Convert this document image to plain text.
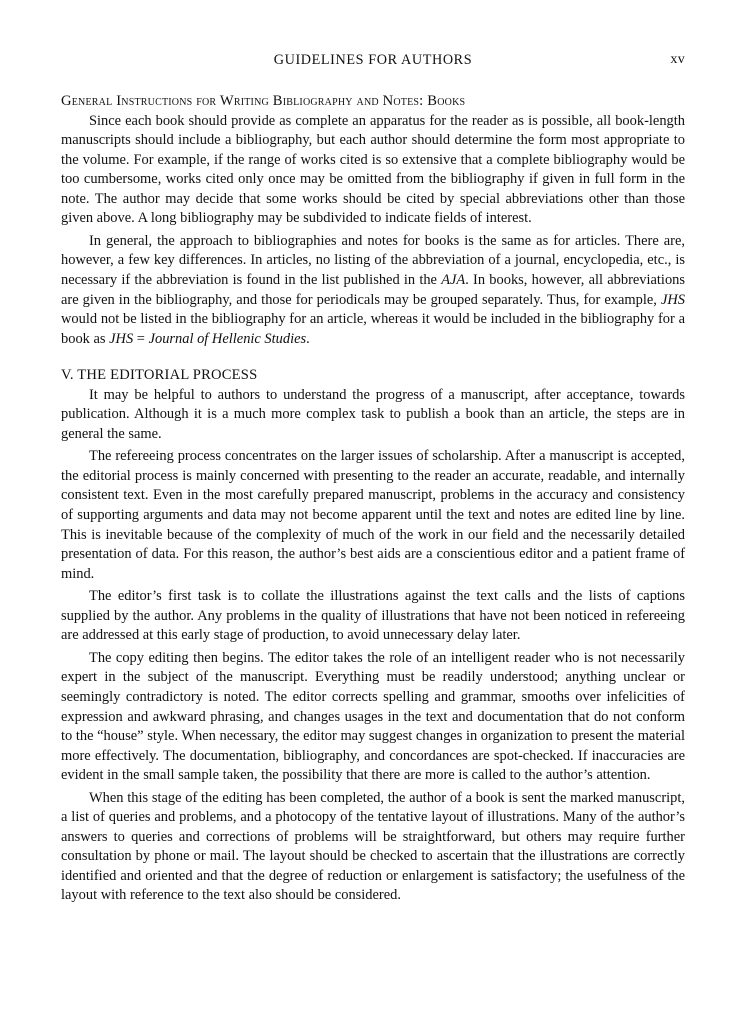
GUIDELINES FOR AUTHORS	xv
General Instructions for Writing Bibliography and Notes: Books

Since each book should provide as complete an apparatus for the reader as is possible, all book-length manuscripts should include a bibliography, but each author should determine the form most appropriate to the volume. For example, if the range of works cited is so extensive that a complete bibliography would be too cumbersome, works cited only once may be omitted from the bibliography if given in full form in the note. The author may decide that some works should be cited by special abbreviations other than those given above. A long bibliography may be subdivided to indicate fields of interest.

In general, the approach to bibliographies and notes for books is the same as for articles. There are, however, a few key differences. In articles, no listing of the abbreviation of a journal, encyclopedia, etc., is necessary if the abbreviation is found in the list published in the AJA. In books, however, all abbreviations are given in the bibliography, and those for periodicals may be grouped separately. Thus, for example, JHS would not be listed in the bibliography for an article, whereas it would be included in the bibliography for a book as JHS = Journal of Hellenic Studies.

V. THE EDITORIAL PROCESS

It may be helpful to authors to understand the progress of a manuscript, after acceptance, towards publication. Although it is a much more complex task to publish a book than an article, the steps are in general the same.

The refereeing process concentrates on the larger issues of scholarship. After a manuscript is accepted, the editorial process is mainly concerned with presenting to the reader an accurate, readable, and internally consistent text. Even in the most carefully prepared manuscript, problems in the accuracy and consistency of supporting arguments and data may not become apparent until the text and notes are edited line by line. This is inevitable because of the complexity of much of the work in our field and the necessarily detailed presentation of data. For this reason, the author’s best aids are a conscientious editor and a patient frame of mind.

The editor’s first task is to collate the illustrations against the text calls and the lists of captions supplied by the author. Any problems in the quality of illustrations that have not been noticed in refereeing are addressed at this early stage of production, to avoid unnecessary delay later.

The copy editing then begins. The editor takes the role of an intelligent reader who is not necessarily expert in the subject of the manuscript. Everything must be readily understood; anything unclear or seemingly contradictory is noted. The editor corrects spelling and grammar, smooths over infelicities of expression and awkward phrasing, and changes usages in the text and documentation that do not conform to the “house” style. When necessary, the editor may suggest changes in organization to present the material more effectively. The documentation, bibliography, and concordances are spot-checked. If inaccuracies are evident in the small sample taken, the possibility that there are more is called to the author’s attention.

When this stage of the editing has been completed, the author of a book is sent the marked manuscript, a list of queries and problems, and a photocopy of the tentative layout of illustrations. Many of the author’s answers to queries and corrections of problems will be straightforward, but others may require further consultation by phone or mail. The layout should be checked to ascertain that the illustrations are correctly identified and oriented and that the degree of reduction or enlargement is satisfactory; the usefulness of the layout with reference to the text also should be considered.
